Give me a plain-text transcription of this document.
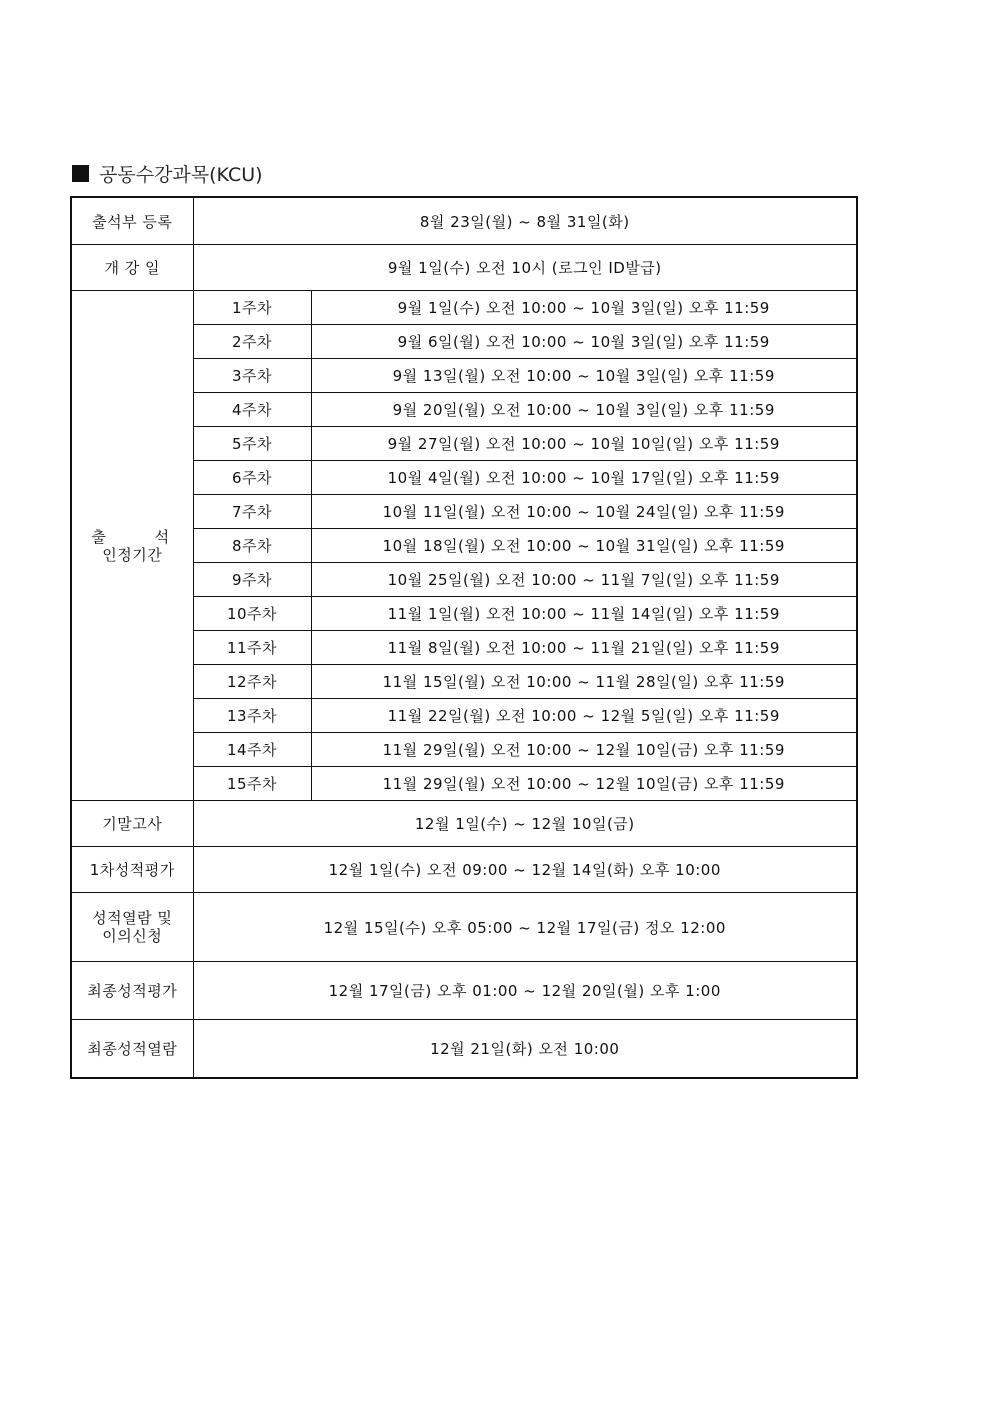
공동수강과목(KCU)
출석부 등록	8월 23일(월) ~ 8월 31일(화)	
개 강 일	9월 1일(수) 오전 10시 (로그인 ID발급)	

출 석
인정기간	1주차	9월 1일(수) 오전 10:00 ~ 10월 3일(일) 오후 11:59
	2주차	9월 6일(월) 오전 10:00 ~ 10월 3일(일) 오후 11:59
	3주차	9월 13일(월) 오전 10:00 ~ 10월 3일(일) 오후 11:59
	4주차	9월 20일(월) 오전 10:00 ~ 10월 3일(일) 오후 11:59
	5주차	9월 27일(월) 오전 10:00 ~ 10월 10일(일) 오후 11:59
	6주차	10월 4일(월) 오전 10:00 ~ 10월 17일(일) 오후 11:59
	7주차	10월 11일(월) 오전 10:00 ~ 10월 24일(일) 오후 11:59
	8주차	10월 18일(월) 오전 10:00 ~ 10월 31일(일) 오후 11:59
	9주차	10월 25일(월) 오전 10:00 ~ 11월 7일(일) 오후 11:59
	10주차	11월 1일(월) 오전 10:00 ~ 11월 14일(일) 오후 11:59
	11주차	11월 8일(월) 오전 10:00 ~ 11월 21일(일) 오후 11:59
	12주차	11월 15일(월) 오전 10:00 ~ 11월 28일(일) 오후 11:59
	13주차	11월 22일(월) 오전 10:00 ~ 12월 5일(일) 오후 11:59
	14주차	11월 29일(월) 오전 10:00 ~ 12월 10일(금) 오후 11:59
	15주차	11월 29일(월) 오전 10:00 ~ 12월 10일(금) 오후 11:59
기말고사	12월 1일(수) ~ 12월 10일(금)	
1차성적평가	12월 1일(수) 오전 09:00 ~ 12월 14일(화) 오후 10:00	

성적열람 및
이의신청	12월 15일(수) 오후 05:00 ~ 12월 17일(금) 정오 12:00	
최종성적평가	12월 17일(금) 오후 01:00 ~ 12월 20일(월) 오후 1:00	
최종성적열람	12월 21일(화) 오전 10:00	
